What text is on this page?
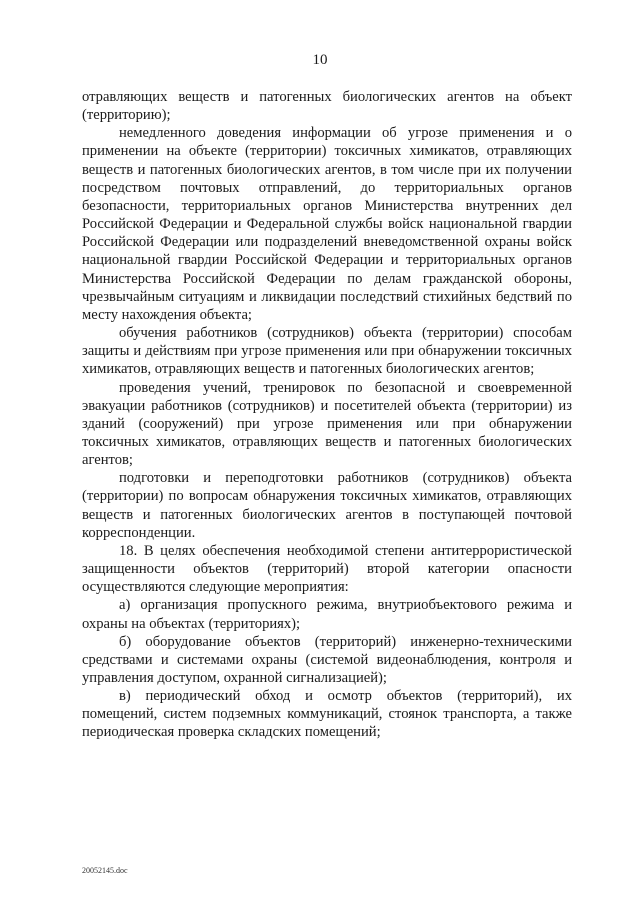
10

отравляющих веществ и патогенных биологических агентов на объект (территорию);

немедленного доведения информации об угрозе применения и о применении на объекте (территории) токсичных химикатов, отравляющих веществ и патогенных биологических агентов, в том числе при их получении посредством почтовых отправлений, до территориальных органов безопасности, территориальных органов Министерства внутренних дел Российской Федерации и Федеральной службы войск национальной гвардии Российской Федерации или подразделений вневедомственной охраны войск национальной гвардии Российской Федерации и территориальных органов Министерства Российской Федерации по делам гражданской обороны, чрезвычайным ситуациям и ликвидации последствий стихийных бедствий по месту нахождения объекта;

обучения работников (сотрудников) объекта (территории) способам защиты и действиям при угрозе применения или при обнаружении токсичных химикатов, отравляющих веществ и патогенных биологических агентов;

проведения учений, тренировок по безопасной и своевременной эвакуации работников (сотрудников) и посетителей объекта (территории) из зданий (сооружений) при угрозе применения или при обнаружении токсичных химикатов, отравляющих веществ и патогенных биологических агентов;

подготовки и переподготовки работников (сотрудников) объекта (территории) по вопросам обнаружения токсичных химикатов, отравляющих веществ и патогенных биологических агентов в поступающей почтовой корреспонденции.

18. В целях обеспечения необходимой степени антитеррористической защищенности объектов (территорий) второй категории опасности осуществляются следующие мероприятия:

а) организация пропускного режима, внутриобъектового режима и охраны на объектах (территориях);

б) оборудование объектов (территорий) инженерно-техническими средствами и системами охраны (системой видеонаблюдения, контроля и управления доступом, охранной сигнализацией);

в) периодический обход и осмотр объектов (территорий), их помещений, систем подземных коммуникаций, стоянок транспорта, а также периодическая проверка складских помещений;

20052145.doc
